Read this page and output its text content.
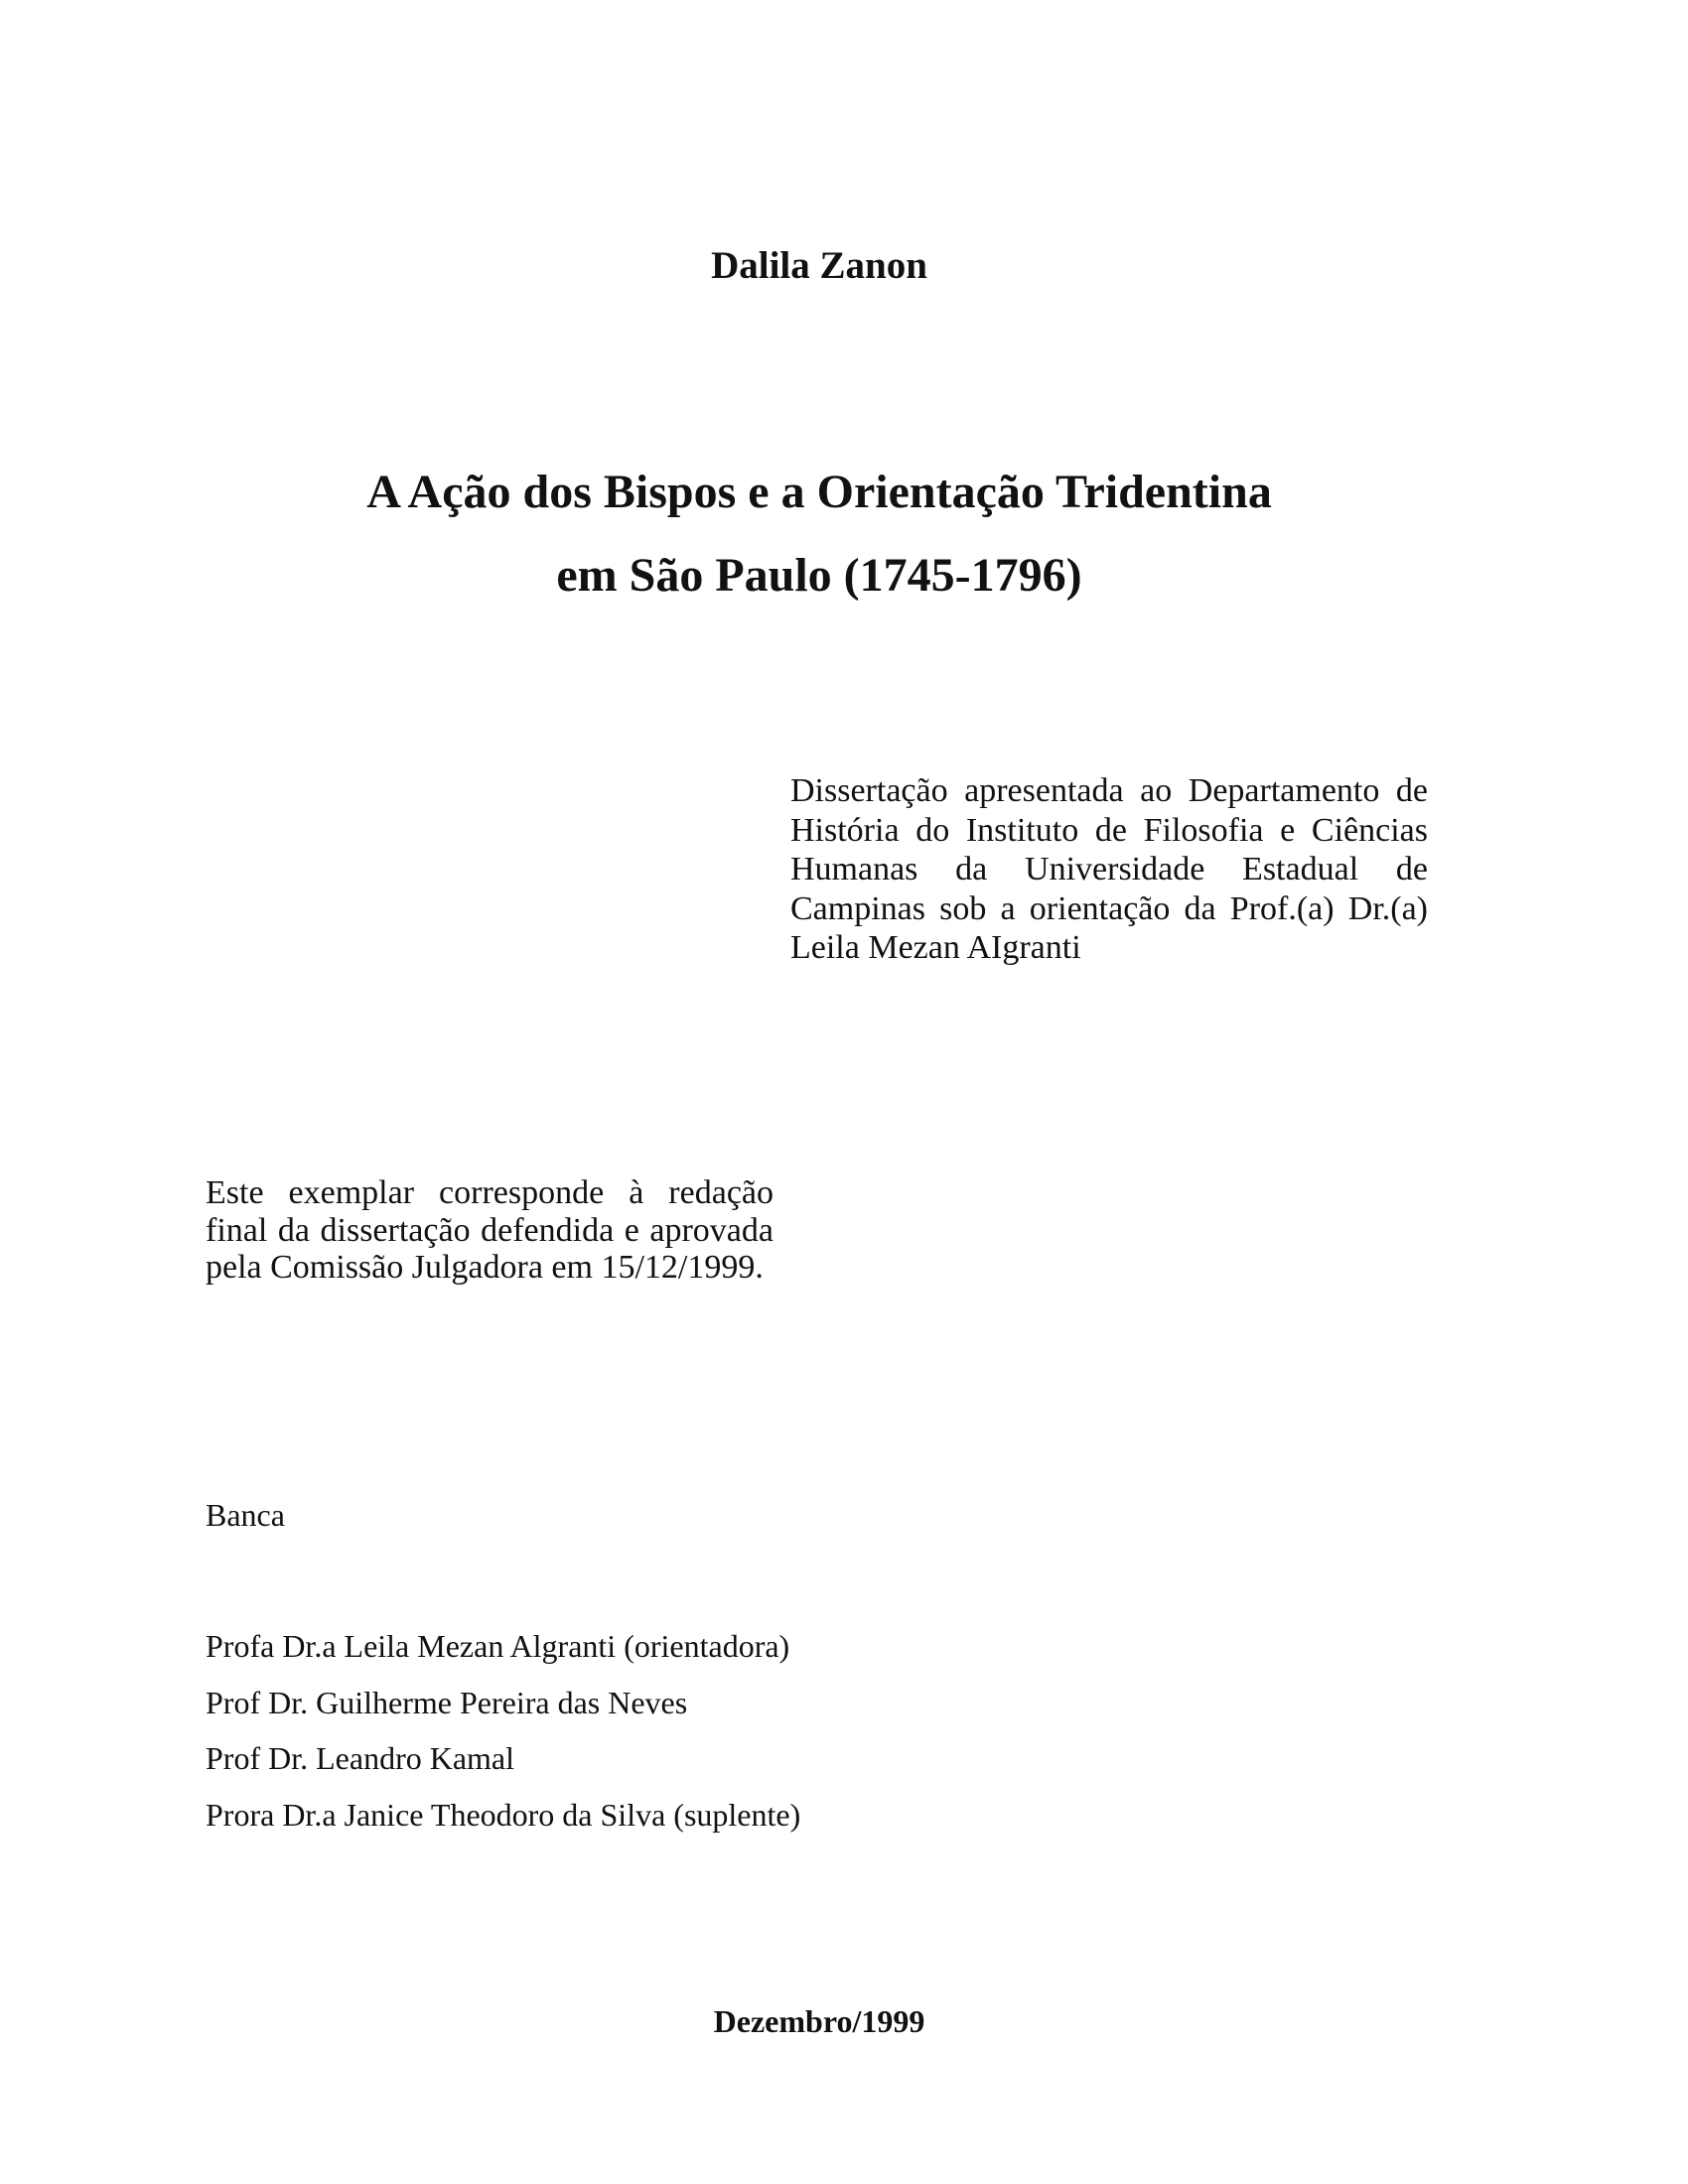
Dalila Zanon
A Ação dos Bispos e a Orientação Tridentina
em São Paulo (1745-1796)
Dissertação apresentada ao Departamento de História do Instituto de Filosofia e Ciências Humanas da Universidade Estadual de Campinas sob a orientação da Prof.(a) Dr.(a) Leila Mezan AIgranti
Este exemplar corresponde à redação final da dissertação defendida e aprovada pela Comissão Julgadora em 15/12/1999.
Banca
Profa Dr.a Leila Mezan Algranti (orientadora)
Prof Dr. Guilherme Pereira das Neves
Prof Dr. Leandro Kamal
Prora Dr.a Janice Theodoro da Silva (suplente)
Dezembro/1999
